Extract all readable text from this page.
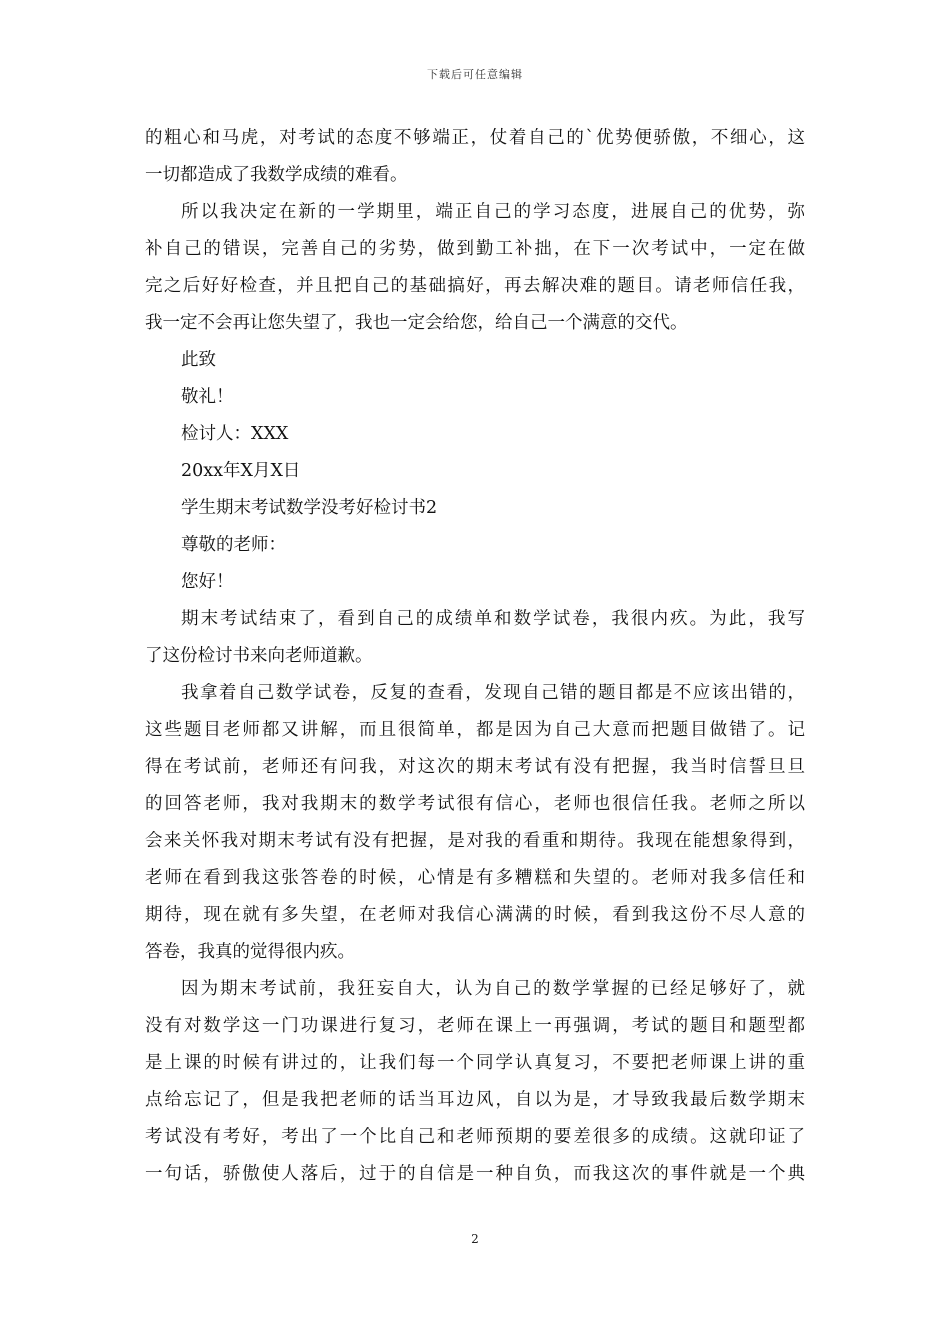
下载后可任意编辑
的粗心和马虎，对考试的态度不够端正，仗着自己的`优势便骄傲，不细心，这
一切都造成了我数学成绩的难看。
所以我决定在新的一学期里，端正自己的学习态度，进展自己的优势，弥
补自己的错误，完善自己的劣势，做到勤工补拙，在下一次考试中，一定在做
完之后好好检查，并且把自己的基础搞好，再去解决难的题目。请老师信任我，
我一定不会再让您失望了，我也一定会给您，给自己一个满意的交代。
此致
敬礼！
检讨人：XXX
20xx年X月X日
学生期末考试数学没考好检讨书2
尊敬的老师：
您好！
期末考试结束了，看到自己的成绩单和数学试卷，我很内疚。为此，我写
了这份检讨书来向老师道歉。
我拿着自己数学试卷，反复的查看，发现自己错的题目都是不应该出错的，
这些题目老师都又讲解，而且很简单，都是因为自己大意而把题目做错了。记
得在考试前，老师还有问我，对这次的期末考试有没有把握，我当时信誓旦旦
的回答老师，我对我期末的数学考试很有信心，老师也很信任我。老师之所以
会来关怀我对期末考试有没有把握，是对我的看重和期待。我现在能想象得到，
老师在看到我这张答卷的时候，心情是有多糟糕和失望的。老师对我多信任和
期待，现在就有多失望，在老师对我信心满满的时候，看到我这份不尽人意的
答卷，我真的觉得很内疚。
因为期末考试前，我狂妄自大，认为自己的数学掌握的已经足够好了，就
没有对数学这一门功课进行复习，老师在课上一再强调，考试的题目和题型都
是上课的时候有讲过的，让我们每一个同学认真复习，不要把老师课上讲的重
点给忘记了，但是我把老师的话当耳边风，自以为是，才导致我最后数学期末
考试没有考好，考出了一个比自己和老师预期的要差很多的成绩。这就印证了
一句话，骄傲使人落后，过于的自信是一种自负，而我这次的事件就是一个典
2
